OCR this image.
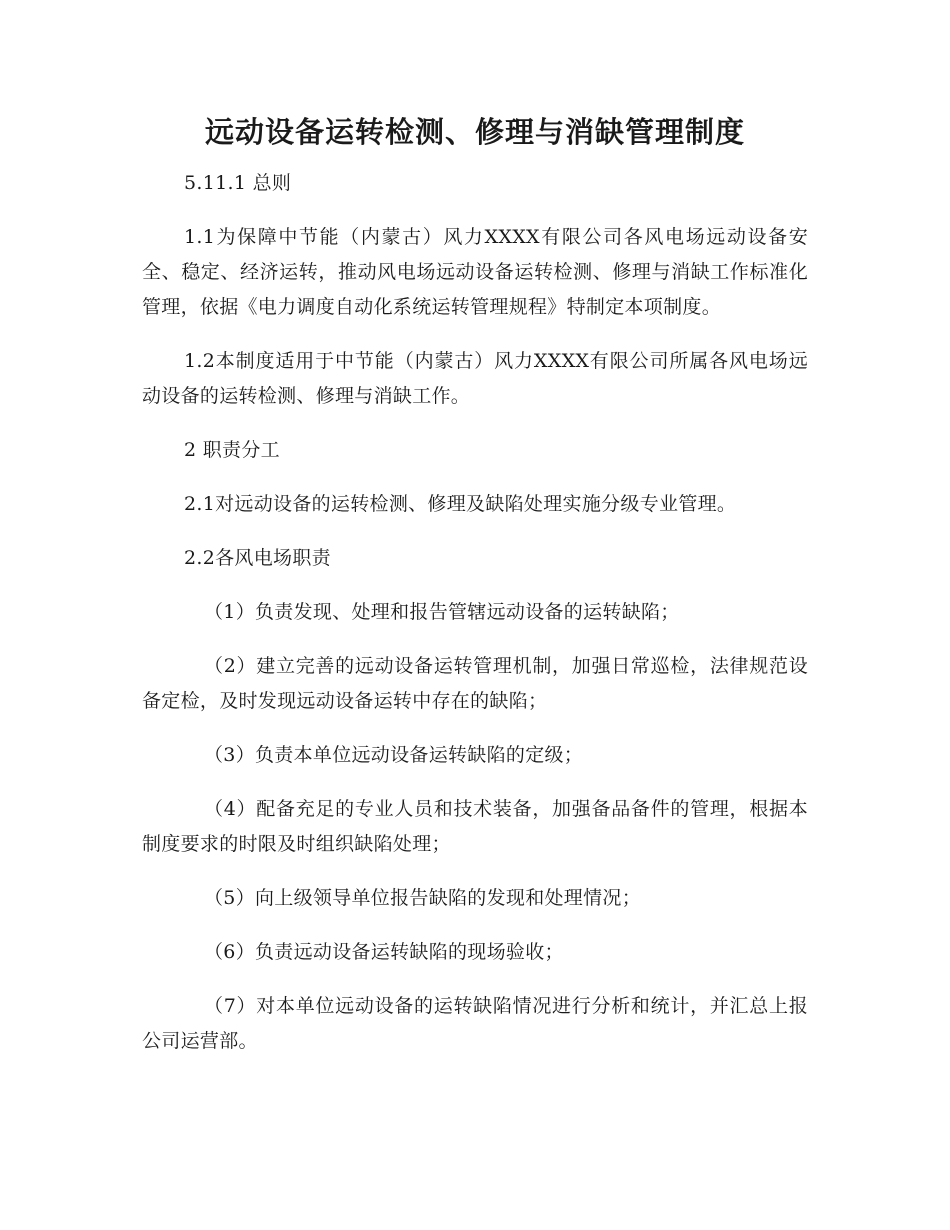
远动设备运转检测、修理与消缺管理制度

5.11.1 总则

1.1为保障中节能（内蒙古）风力XXXX有限公司各风电场远动设备安全、稳定、经济运转，推动风电场远动设备运转检测、修理与消缺工作标准化管理，依据《电力调度自动化系统运转管理规程》特制定本项制度。

1.2本制度适用于中节能（内蒙古）风力XXXX有限公司所属各风电场远动设备的运转检测、修理与消缺工作。

2 职责分工

2.1对远动设备的运转检测、修理及缺陷处理实施分级专业管理。

2.2各风电场职责

（1）负责发现、处理和报告管辖远动设备的运转缺陷；

（2）建立完善的远动设备运转管理机制，加强日常巡检，法律规范设备定检，及时发现远动设备运转中存在的缺陷；

（3）负责本单位远动设备运转缺陷的定级；

（4）配备充足的专业人员和技术装备，加强备品备件的管理，根据本制度要求的时限及时组织缺陷处理；

（5）向上级领导单位报告缺陷的发现和处理情况；

（6）负责远动设备运转缺陷的现场验收；

（7）对本单位远动设备的运转缺陷情况进行分析和统计，并汇总上报公司运营部。
